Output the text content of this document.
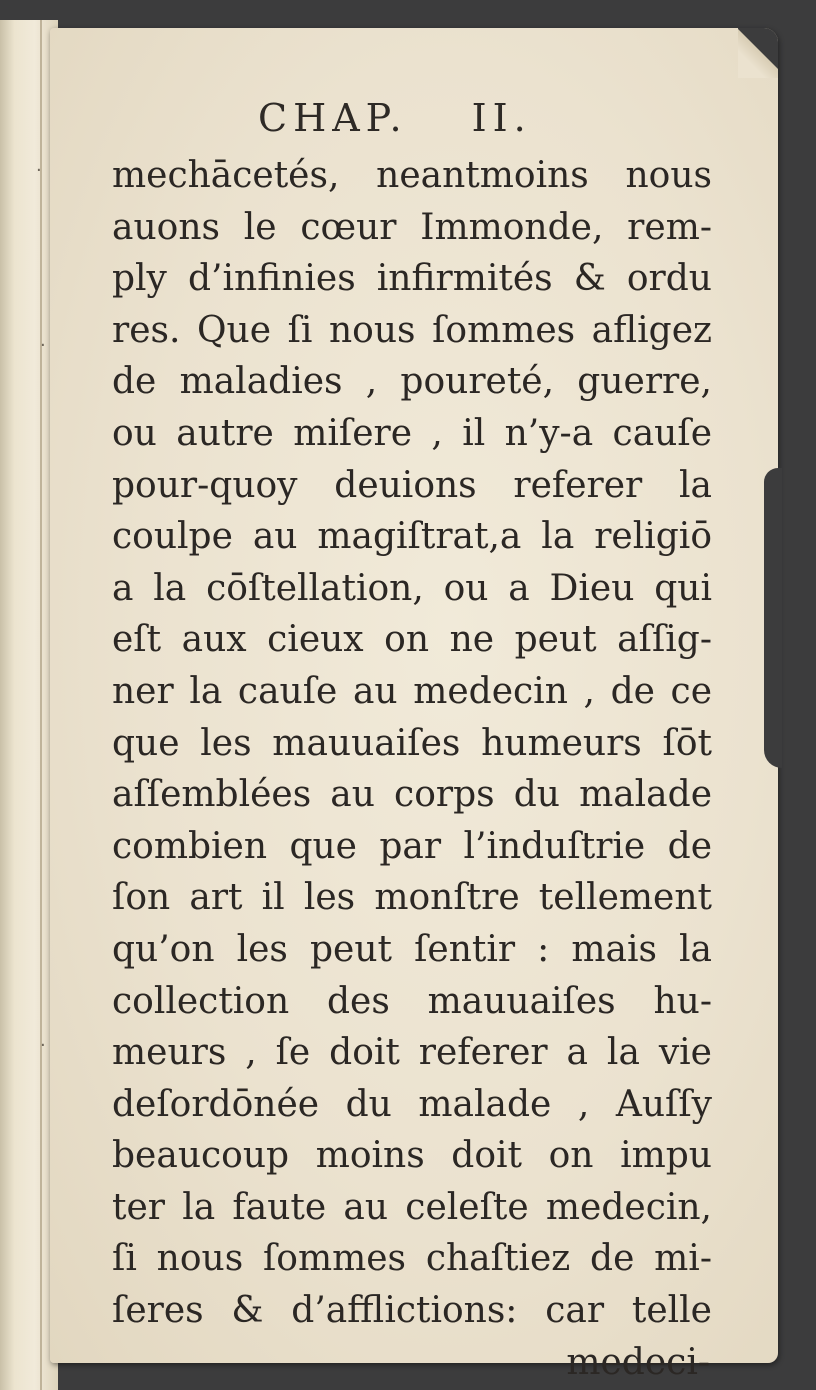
CHAP. II.
mechācetés, neantmoins nous
auons le cœur Immonde, rem-
ply d’infinies infirmités & ordu
res. Que ſi nous ſommes afligez
de maladies , poureté, guerre,
ou autre miſere , il n’y-a cauſe
pour-quoy deuions referer la
coulpe au magiſtrat,a la religiō
a la cōſtellation, ou a Dieu qui
eſt aux cieux on ne peut aſſig-
ner la cauſe au medecin , de ce
que les mauuaiſes humeurs ſōt
aſſemblées au corps du malade
combien que par l’induſtrie de
ſon art il les monſtre tellement
qu’on les peut ſentir : mais la
collection des mauuaiſes hu-
meurs , ſe doit referer a la vie
deſordōnée du malade , Auſſy
beaucoup moins doit on impu
ter la faute au celeſte medecin,
ſi nous ſommes chaſtiez de mi-
ſeres & d’afflictions: car telle
medeci-
·
·
·
